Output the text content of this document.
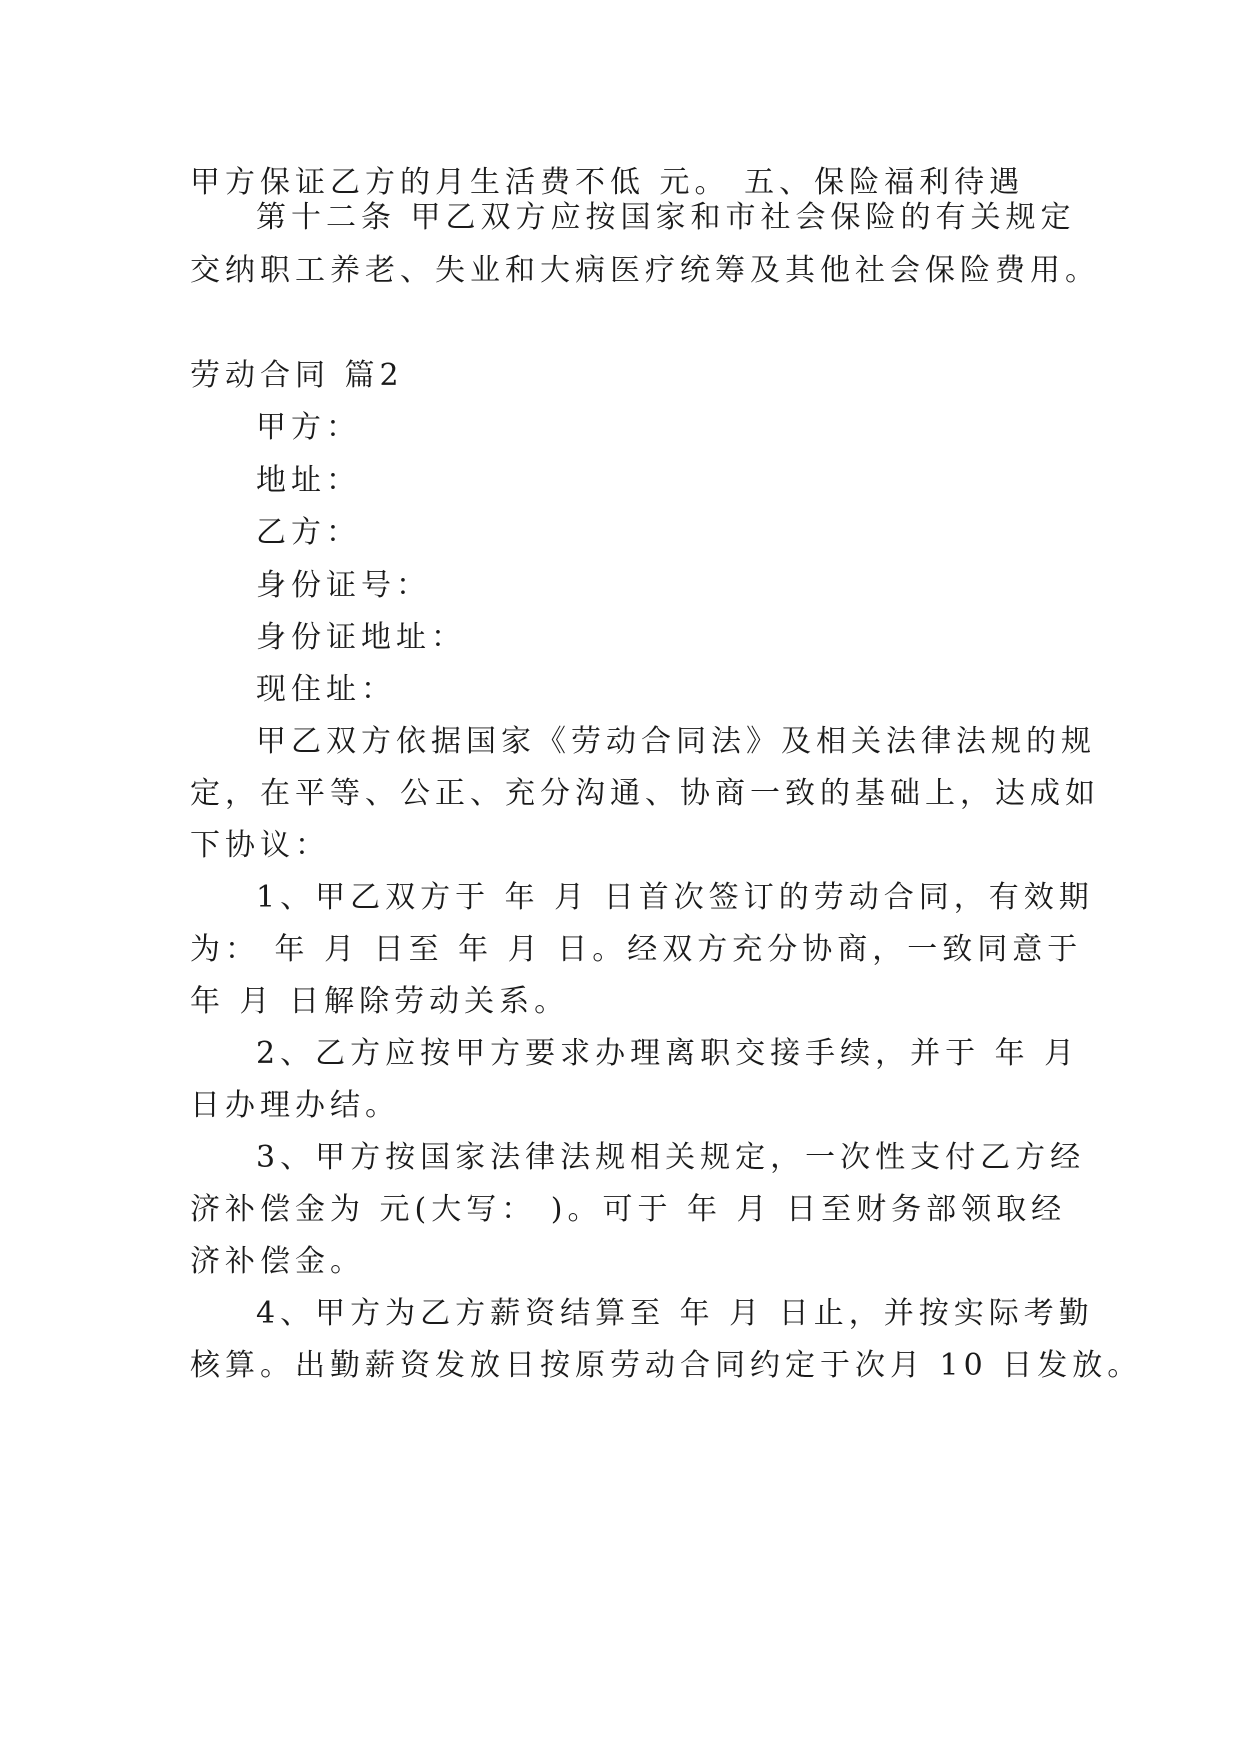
甲方保证乙方的月生活费不低 元。 五、保险福利待遇
第十二条 甲乙双方应按国家和市社会保险的有关规定
交纳职工养老、失业和大病医疗统筹及其他社会保险费用。
劳动合同 篇2
甲方：
地址：
乙方：
身份证号：
身份证地址：
现住址：
甲乙双方依据国家《劳动合同法》及相关法律法规的规
定，在平等、公正、充分沟通、协商一致的基础上，达成如
下协议：
1、甲乙双方于 年 月 日首次签订的劳动合同，有效期
为： 年 月 日至 年 月 日。经双方充分协商，一致同意于
年 月 日解除劳动关系。
2、乙方应按甲方要求办理离职交接手续，并于 年 月
日办理办结。
3、甲方按国家法律法规相关规定，一次性支付乙方经
济补偿金为 元(大写： )。可于 年 月 日至财务部领取经
济补偿金。
4、甲方为乙方薪资结算至 年 月 日止，并按实际考勤
核算。出勤薪资发放日按原劳动合同约定于次月 10 日发放。
